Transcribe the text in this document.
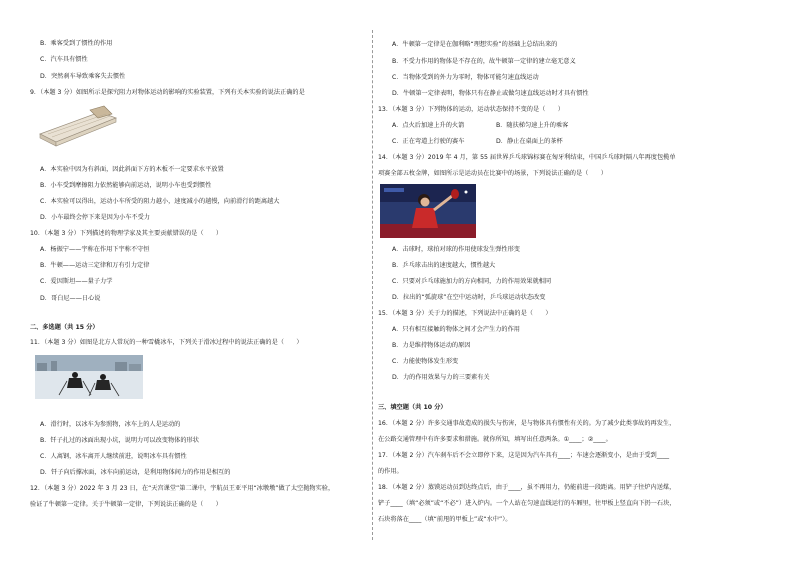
B．乘客受到了惯性的作用
C．汽车具有惯性
D．突然刹车导致乘客失去惯性
9．（本题 3 分）如图所示是探究阻力对物体运动的影响的实验装置，下列有关本实验的说法正确的是
A．本实验中因为有斜面，因此斜面下方的木板不一定要求水平放置
B．小车受到摩擦阻力依然能够向前运动，说明小车也受到惯性
C．本实验可以得出，运动小车所受的阻力越小，速度减小的越慢，向前滑行的距离越大
D．小车最终会停下来是因为小车不受力
10．（本题 3 分）下列描述的物理学家及其主要贡献错误的是（　　）
A．杨振宁——宇称在作用下宇称不守恒
B．牛顿——运动三定律和万有引力定律
C．爱因斯坦——量子力学
D．哥白尼——日心说
二、多选题（共 15 分）
11．（本题 3 分）如图是北方人常玩的一种雪橇冰车，下列关于滑冰过程中的说法正确的是（　　）
A．滑行时，以冰车为参照物，冰车上的人是运动的
B．钎子扎过的冰面出现小坑，说明力可以改变物体的形状
C．人离钢，冰车离开人继续前进，说明冰车具有惯性
D．钎子向后撑冰面，冰车向前运动，是利用物体间力的作用是相互的
12．（本题 3 分）2022 年 3 月 23 日，在“天宫课堂”第二课中，宇航员王亚平用“冰墩墩”做了太空抛物实验，
验证了牛顿第一定律。关于牛顿第一定律，下列说法正确的是（　　）
A．牛顿第一定律是在伽利略“理想实验”的基础上总结出来的
B．不受力作用的物体是不存在的，故牛顿第一定律的建立毫无意义
C．当物体受到的外力为零时，物体可能匀速直线运动
D．牛顿第一定律表明，物体只有在静止或做匀速直线运动时才具有惯性
13．（本题 3 分）下列物体的运动，运动状态保持不变的是（　　）
A．点火后加速上升的火箭	B．随扶梯匀速上升的乘客
C．正在弯道上行驶的赛车	D．静止在桌面上的茶杯
14．（本题 3 分）2019 年 4 月，第 55 届世界乒乓球锦标赛在匈牙利结束，中国乒乓球时隔八年再度包揽单
项赛全部五枚金牌，如图所示是运动员在比赛中的场景，下列说法正确的是（　　）
A．击球时，球拍对球的作用使球发生弹性形变
B．乒乓球击出的速度越大，惯性越大
C．只要对乒乓球施加力的方向相同，力的作用效果就相同
D．拉出的“弧旋球”在空中运动时，乒乓球运动状态改变
15．（本题 3 分）关于力的描述，下列说法中正确的是（　　）
A．只有相互接触的物体之间才会产生力的作用
B．力是维持物体运动的原因
C．力能使物体发生形变
D．力的作用效果与力的三要素有关
三、填空题（共 10 分）
16．（本题 2 分）许多交通事故造成的损失与伤害，是与物体具有惯性有关的。为了减少此类事故的再发生，
在公路交通管理中有许多要求和措施。就你所知，填写出任意两条。①____；②____。
17．（本题 2 分）汽车刹车后不会立即停下来，这是因为汽车具有____；车速会逐渐变小，是由于受到____
的作用。
18．（本题 2 分）蒸馍运动员到达终点后，由于____，虽不再用力，仍能前进一段距离。用铲子往炉内送煤，
铲子____（填“必须”或“不必”）进入炉内。一个人站在匀速直线运行的车厢里，往甲板上竖直向下扔一石块，
石块将落在____（填“前甩的甲板上”或“水中”）。
